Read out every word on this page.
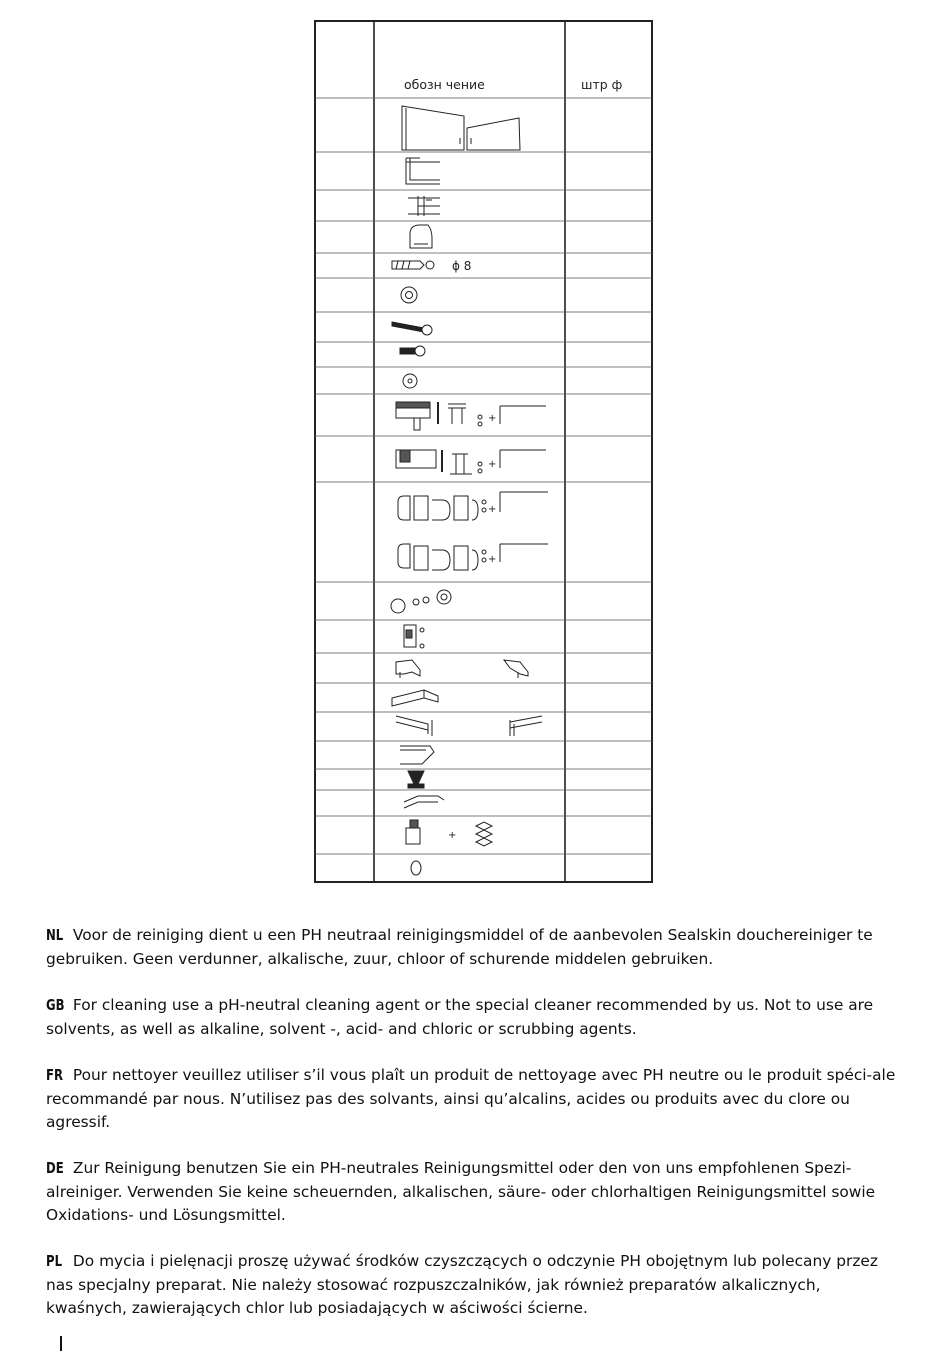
обозн чение	штр ф
ϕ 8
+
+
+
+
+

NL Voor de reiniging dient u een PH neutraal reinigingsmiddel of de aanbevolen Sealskin douchereiniger te gebruiken. Geen verdunner, alkalische, zuur, chloor of schurende middelen gebruiken.

GB For cleaning use a pH-neutral cleaning agent or the special cleaner recommended by us. Not to use are solvents, as well as alkaline, solvent -, acid- and chloric or scrubbing agents.

FR Pour nettoyer veuillez utiliser s’il vous plaît un produit de nettoyage avec PH neutre ou le produit spéci-ale recommandé par nous. N’utilisez pas des solvants, ainsi qu’alcalins, acides ou produits avec du clore ou agressif.

DE Zur Reinigung benutzen Sie ein PH-neutrales Reinigungsmittel oder den von uns empfohlenen Spezi-alreiniger. Verwenden Sie keine scheuernden, alkalischen, säure- oder chlorhaltigen Reinigungsmittel sowie Oxidations- und Lösungsmittel.

PL Do mycia i pielęnacji proszę używać środków czyszczących o odczynie PH obojętnym lub polecany przez nas specjalny preparat. Nie należy stosować rozpuszczalników, jak również preparatów alkalicznych, kwaśnych, zawierających chlor lub posiadających w aściwości ścierne.
